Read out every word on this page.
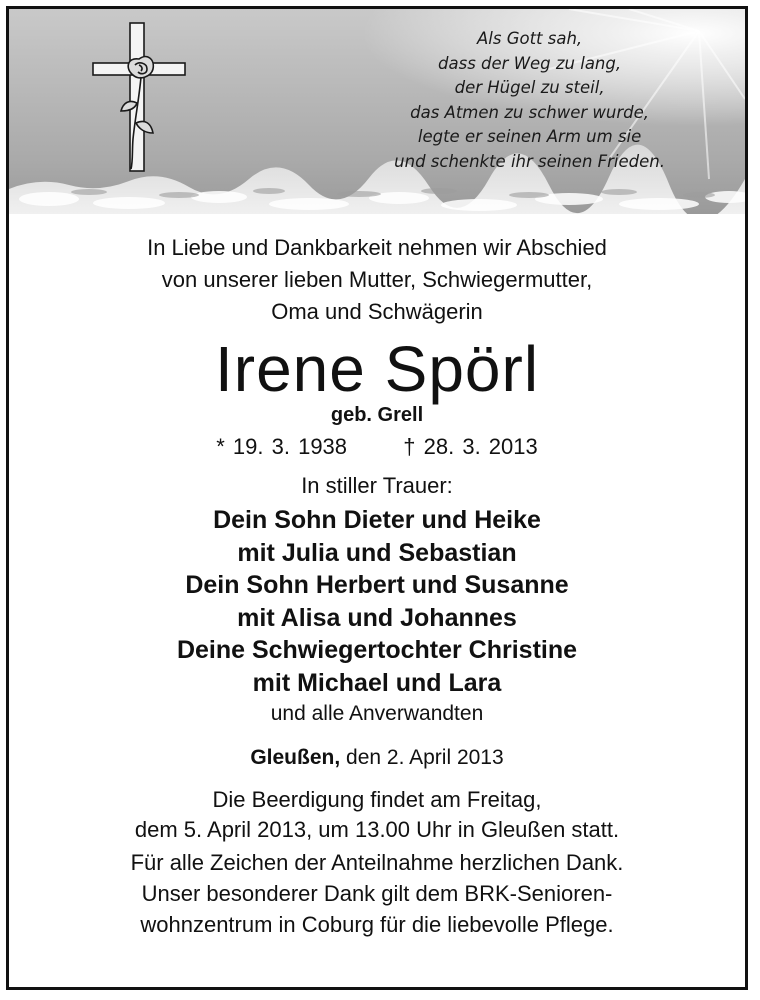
Als Gott sah,
dass der Weg zu lang,
der Hügel zu steil,
das Atmen zu schwer wurde,
legte er seinen Arm um sie
und schenkte ihr seinen Frieden.
In Liebe und Dankbarkeit nehmen wir Abschied
von unserer lieben Mutter, Schwiegermutter,
Oma und Schwägerin
Irene Spörl
geb. Grell
* 19. 3. 1938	† 28. 3. 2013
In stiller Trauer:
Dein Sohn Dieter und Heike
mit Julia und Sebastian
Dein Sohn Herbert und Susanne
mit Alisa und Johannes
Deine Schwiegertochter Christine
mit Michael und Lara
und alle Anverwandten
Gleußen, den 2. April 2013
Die Beerdigung findet am Freitag,
dem 5. April 2013, um 13.00 Uhr in Gleußen statt.
Für alle Zeichen der Anteilnahme herzlichen Dank.
Unser besonderer Dank gilt dem BRK-Senioren-
wohnzentrum in Coburg für die liebevolle Pflege.
